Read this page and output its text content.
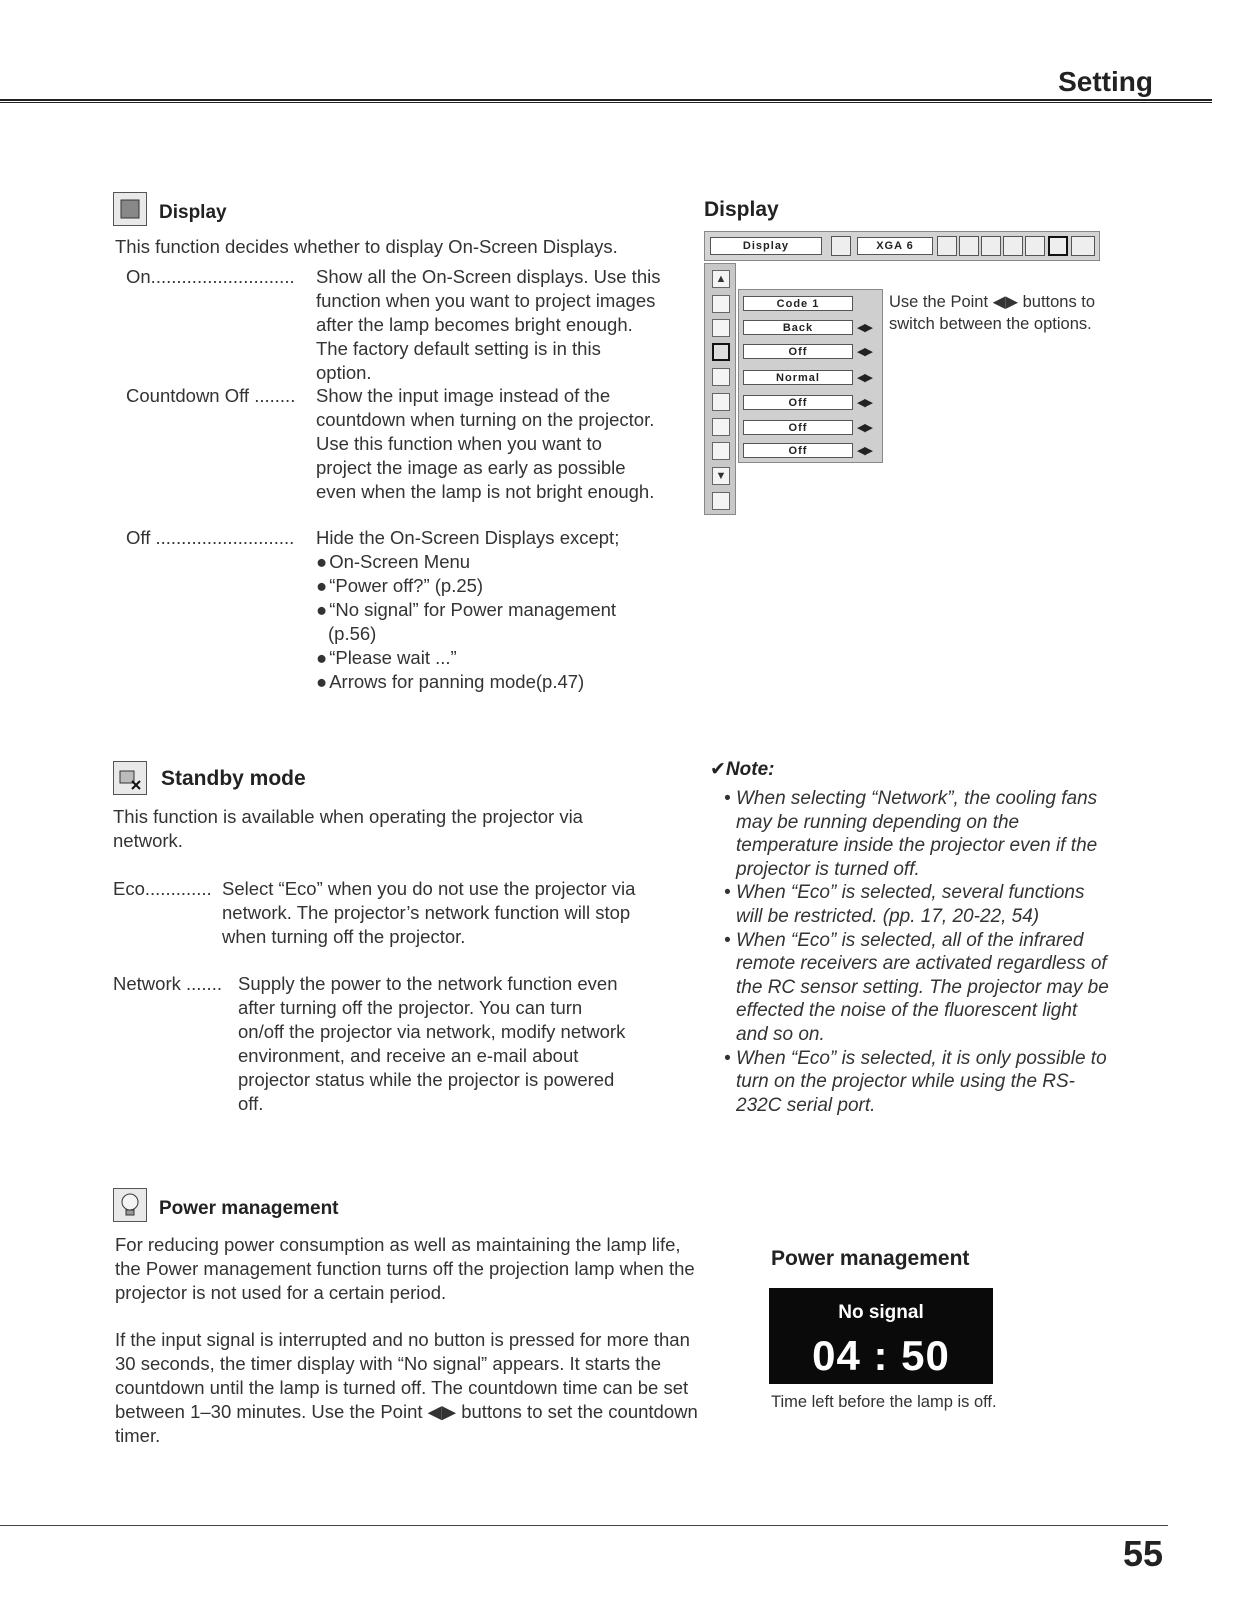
Setting
Display
This function decides whether to display On-Screen Displays.
On............................ Show all the On-Screen displays. Use this function when you want to project images after the lamp becomes bright enough. The factory default setting is in this option.
Countdown Off ........ Show the input image instead of the countdown when turning on the projector. Use this function when you want to project the image as early as possible even when the lamp is not bright enough.
Off ........................... Hide the On-Screen Displays except;
● On-Screen Menu
● “Power off?” (p.25)
● “No signal” for Power management
(p.56)
● “Please wait ...”
● Arrows for panning mode(p.47)
Display
Display	XGA 6
▲
▼
Code 1
Back	◀▶
Off	◀▶
Normal	◀▶
Off	◀▶
Off	◀▶
Off	◀▶
Use the Point ◀▶ buttons to switch between the options.
Standby mode
This function is available when operating the projector via network.
Eco............. Select “Eco” when you do not use the projector via network. The projector’s network function will stop when turning off the projector.
Network ....... Supply the power to the network function even after turning off the projector. You can turn on/off the projector via network, modify network environment, and receive an e-mail about projector status while the projector is powered off.
✔Note:
• When selecting “Network”, the cooling fans may be running depending on the temperature inside the projector even if the projector is turned off.
• When “Eco” is selected, several functions will be restricted. (pp. 17, 20-22, 54)
• When “Eco” is selected, all of the infrared remote receivers are activated regardless of the RC sensor setting. The projector may be effected the noise of the fluorescent light and so on.
• When “Eco” is selected, it is only possible to turn on the projector while using the RS-232C serial port.
Power management
For reducing power consumption as well as maintaining the lamp life, the Power management function turns off the projection lamp when the projector is not used for a certain period.
If the input signal is interrupted and no button is pressed for more than 30 seconds, the timer display with “No signal” appears. It starts the countdown until the lamp is turned off. The countdown time can be set between 1–30 minutes. Use the Point ◀▶ buttons to set the countdown timer.
Power management
No signal
04 : 50
Time left before the lamp is off.
55
